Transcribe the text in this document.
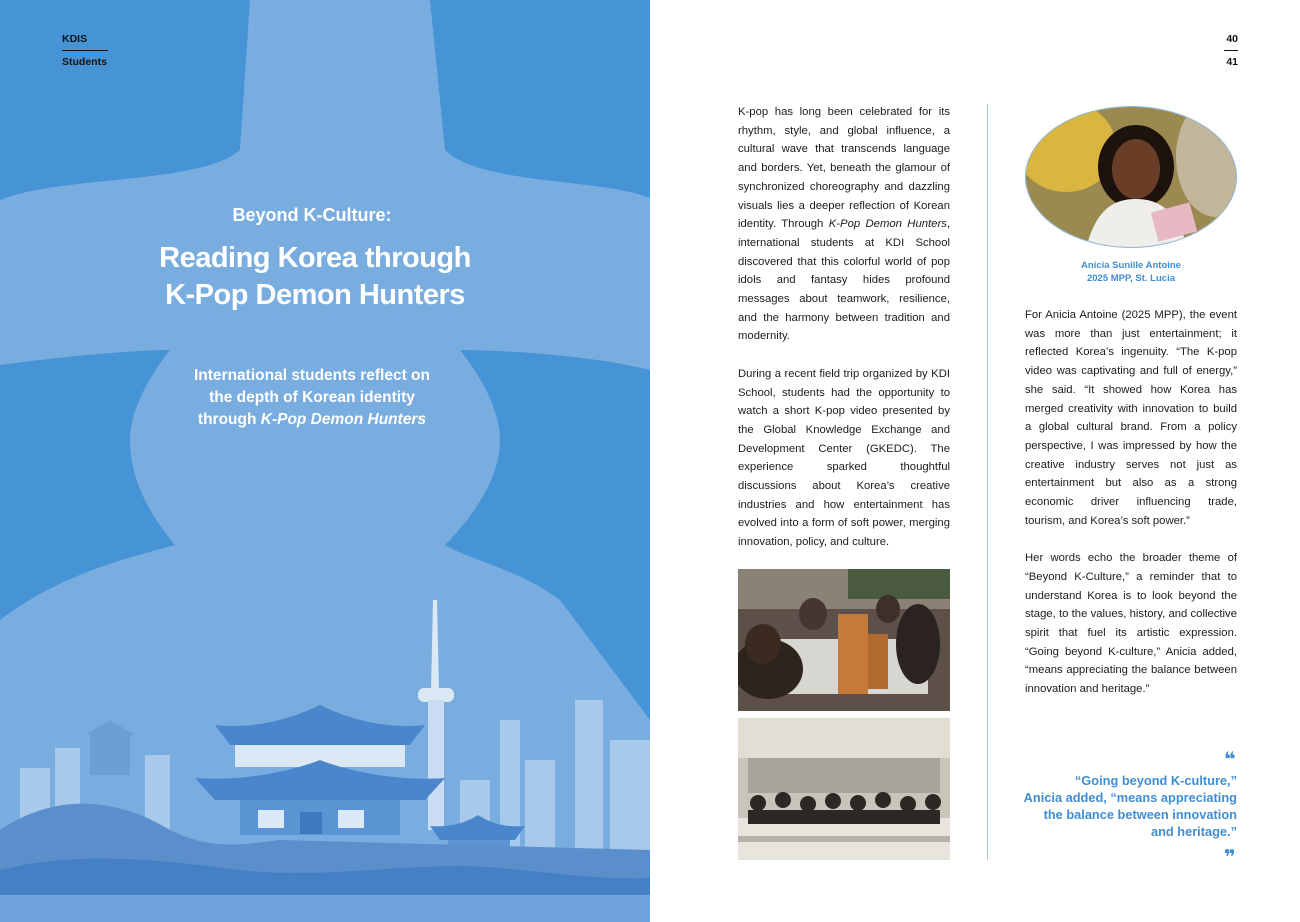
KDIS
Students
Beyond K-Culture:
Reading Korea through
K-Pop Demon Hunters
International students reflect on
the depth of Korean identity
through K-Pop Demon Hunters
40
41

K-pop has long been celebrated for its rhythm, style, and global influence, a cultural wave that transcends language and borders. Yet, beneath the glamour of synchronized choreography and dazzling visuals lies a deeper reflection of Korean identity. Through K-Pop Demon Hunters, international students at KDI School discovered that this colorful world of pop idols and fantasy hides profound messages about teamwork, resilience, and the harmony between tradition and modernity.

During a recent field trip organized by KDI School, students had the opportunity to watch a short K-pop video presented by the Global Knowledge Exchange and Development Center (GKEDC). The experience sparked thoughtful discussions about Korea’s creative industries and how entertainment has evolved into a form of soft power, merging innovation, policy, and culture.

Anicia Sunille Antoine
2025 MPP, St. Lucia

For Anicia Antoine (2025 MPP), the event was more than just entertainment; it reflected Korea’s ingenuity. “The K-pop video was captivating and full of energy,” she said. “It showed how Korea has merged creativity with innovation to build a global cultural brand. From a policy perspective, I was impressed by how the creative industry serves not just as entertainment but also as a strong economic driver influencing trade, tourism, and Korea’s soft power.”

Her words echo the broader theme of “Beyond K-Culture,” a reminder that to understand Korea is to look beyond the stage, to the values, history, and collective spirit that fuel its artistic expression. “Going beyond K-culture,” Anicia added, “means appreciating the balance between innovation and heritage.”

❝
“Going beyond K-culture,”
Anicia added, “means appreciating
the balance between innovation
and heritage.”
❞
